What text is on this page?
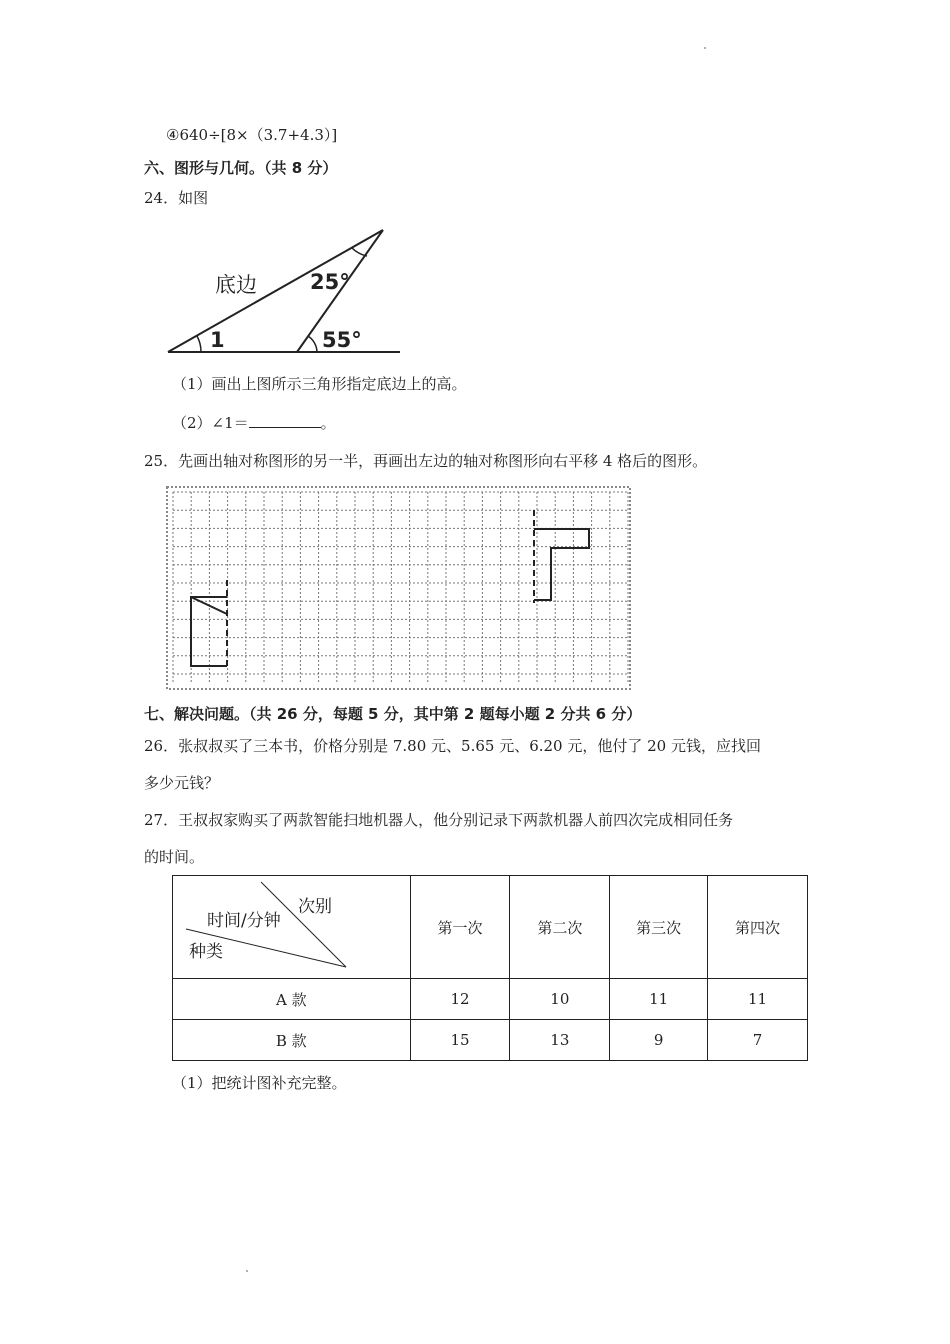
④640÷[8×（3.7+4.3）]
六、图形与几何。（共 8 分）
24．如图
底边	25°
1	55°
（1）画出上图所示三角形指定底边上的高。
（2）∠1＝	。
25．先画出轴对称图形的另一半，再画出左边的轴对称图形向右平移 4 格后的图形。
七、解决问题。（共 26 分，每题 5 分，其中第 2 题每小题 2 分共 6 分）
26．张叔叔买了三本书，价格分别是 7.80 元、5.65 元、6.20 元，他付了 20 元钱，应找回
多少元钱？
27．王叔叔家购买了两款智能扫地机器人，他分别记录下两款机器人前四次完成相同任务
的时间。
次别
时间/分钟
种类	第一次	第二次	第三次	第四次
A 款	12	10	11	11
B 款	15	13	9	7
（1）把统计图补充完整。
